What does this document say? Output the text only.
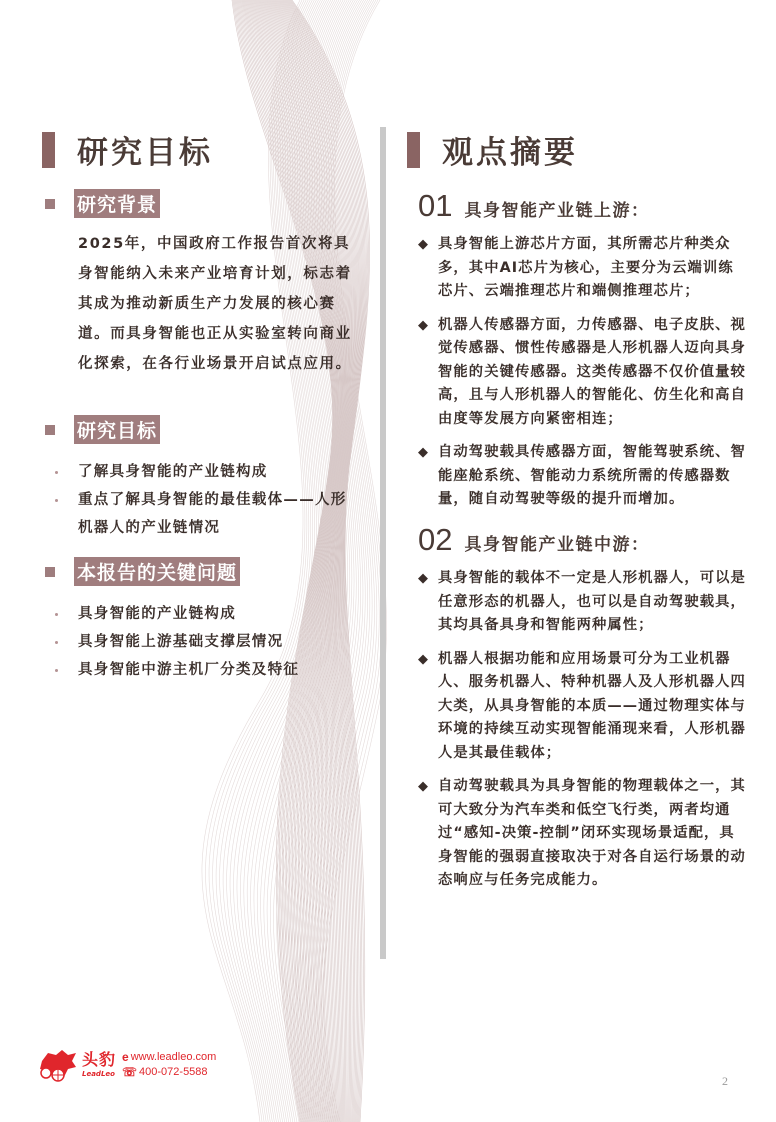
研究目标
研究背景
2025年，中国政府工作报告首次将具身智能纳入未来产业培育计划，标志着其成为推动新质生产力发展的核心赛道。而具身智能也正从实验室转向商业化探索，在各行业场景开启试点应用。
研究目标
了解具身智能的产业链构成
重点了解具身智能的最佳载体——人形机器人的产业链情况
本报告的关键问题
具身智能的产业链构成
具身智能上游基础支撑层情况
具身智能中游主机厂分类及特征
观点摘要
01 具身智能产业链上游：
◆ 具身智能上游芯片方面，其所需芯片种类众多，其中AI芯片为核心，主要分为云端训练芯片、云端推理芯片和端侧推理芯片；
◆ 机器人传感器方面，力传感器、电子皮肤、视觉传感器、惯性传感器是人形机器人迈向具身智能的关键传感器。这类传感器不仅价值量较高，且与人形机器人的智能化、仿生化和高自由度等发展方向紧密相连；
◆ 自动驾驶载具传感器方面，智能驾驶系统、智能座舱系统、智能动力系统所需的传感器数量，随自动驾驶等级的提升而增加。
02 具身智能产业链中游：
◆ 具身智能的载体不一定是人形机器人，可以是任意形态的机器人，也可以是自动驾驶载具，其均具备具身和智能两种属性；
◆ 机器人根据功能和应用场景可分为工业机器人、服务机器人、特种机器人及人形机器人四大类，从具身智能的本质——通过物理实体与环境的持续互动实现智能涌现来看，人形机器人是其最佳载体；
◆ 自动驾驶载具为具身智能的物理载体之一，其可大致分为汽车类和低空飞行类，两者均通过“感知-决策-控制”闭环实现场景适配，具身智能的强弱直接取决于对各自运行场景的动态响应与任务完成能力。
头豹
LeadLeo
e www.leadleo.com
☏ 400-072-5588
2
